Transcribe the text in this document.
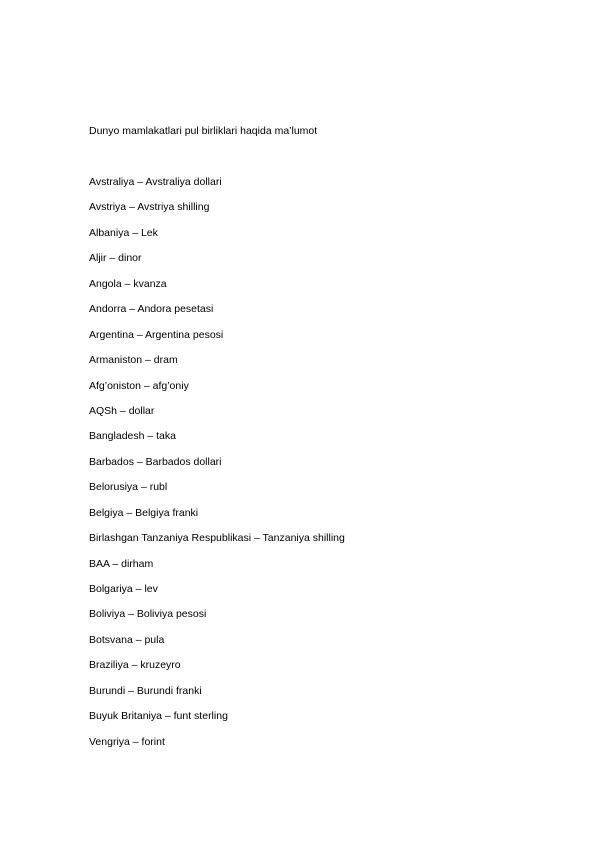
Dunyo mamlakatlari pul birliklari haqida ma’lumot
Avstraliya – Avstraliya dollari
Avstriya – Avstriya shilling
Albaniya – Lek
Aljir – dinor
Angola – kvanza
Andorra – Andora pesetasi
Argentina – Argentina pesosi
Armaniston – dram
Afg’oniston – afg’oniy
AQSh – dollar
Bangladesh – taka
Barbados – Barbados dollari
Belorusiya – rubl
Belgiya – Belgiya franki
Birlashgan Tanzaniya Respublikasi – Tanzaniya shilling
BAA – dirham
Bolgariya – lev
Boliviya – Boliviya pesosi
Botsvana – pula
Braziliya – kruzeyro
Burundi – Burundi franki
Buyuk Britaniya – funt sterling
Vengriya – forint
